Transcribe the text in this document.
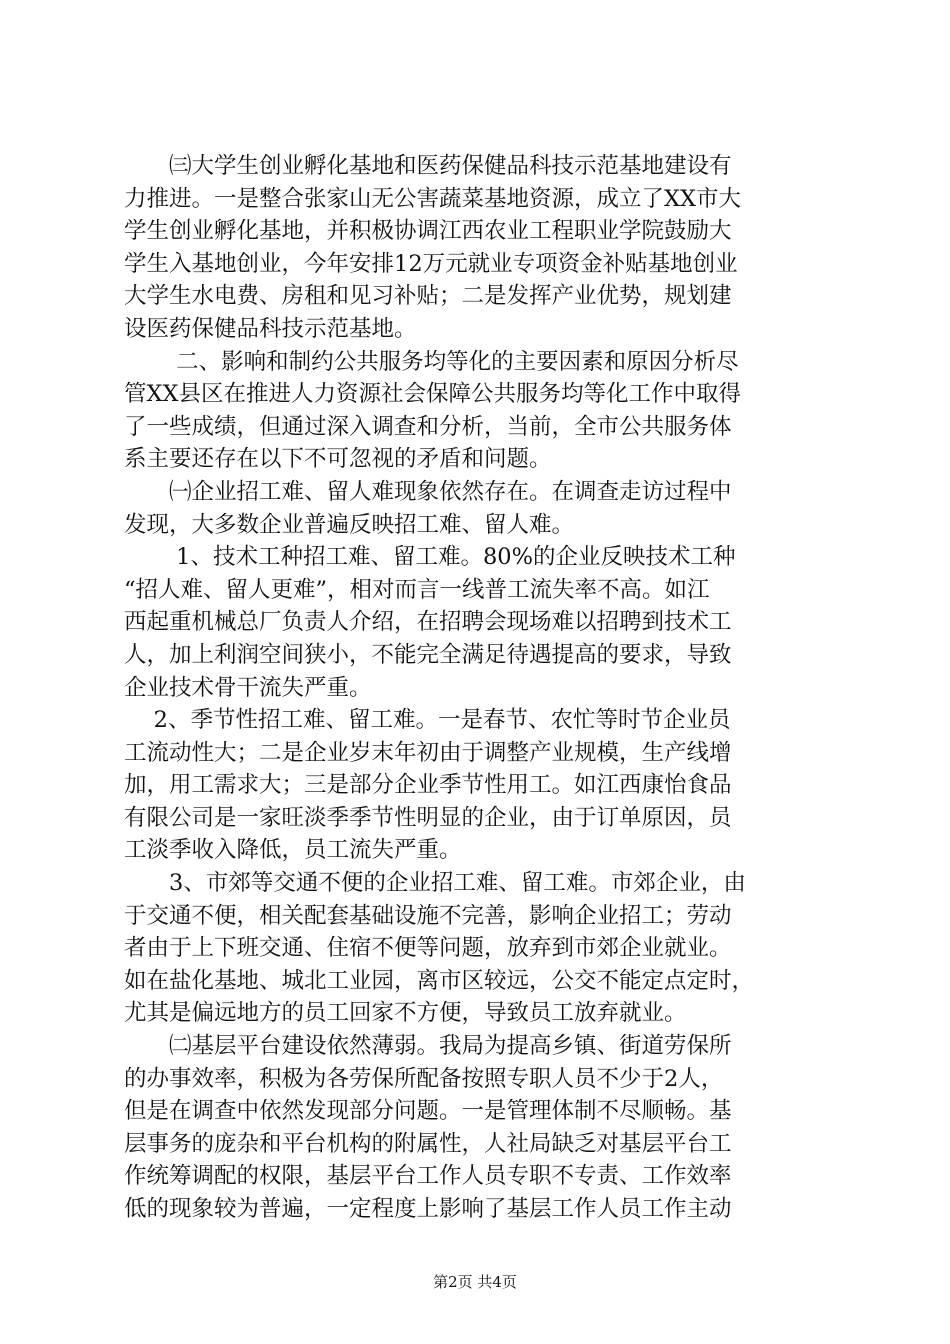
　　㈢大学生创业孵化基地和医药保健品科技示范基地建设有
力推进。一是整合张家山无公害蔬菜基地资源，成立了XX市大
学生创业孵化基地，并积极协调江西农业工程职业学院鼓励大
学生入基地创业，今年安排12万元就业专项资金补贴基地创业
大学生水电费、房租和见习补贴；二是发挥产业优势，规划建
设医药保健品科技示范基地。
　　 二、影响和制约公共服务均等化的主要因素和原因分析尽
管XX县区在推进人力资源社会保障公共服务均等化工作中取得
了一些成绩，但通过深入调查和分析，当前，全市公共服务体
系主要还存在以下不可忽视的矛盾和问题。
　　㈠企业招工难、留人难现象依然存在。在调查走访过程中
发现，大多数企业普遍反映招工难、留人难。
　　 1、技术工种招工难、留工难。80%的企业反映技术工种
“招人难、留人更难”，相对而言一线普工流失率不高。如江
西起重机械总厂负责人介绍，在招聘会现场难以招聘到技术工
人，加上利润空间狭小，不能完全满足待遇提高的要求，导致
企业技术骨干流失严重。
　 2、季节性招工难、留工难。一是春节、农忙等时节企业员
工流动性大；二是企业岁末年初由于调整产业规模，生产线增
加，用工需求大；三是部分企业季节性用工。如江西康怡食品
有限公司是一家旺淡季季节性明显的企业，由于订单原因，员
工淡季收入降低，员工流失严重。
　　3、市郊等交通不便的企业招工难、留工难。市郊企业，由
于交通不便，相关配套基础设施不完善，影响企业招工；劳动
者由于上下班交通、住宿不便等问题，放弃到市郊企业就业。
如在盐化基地、城北工业园，离市区较远，公交不能定点定时，
尤其是偏远地方的员工回家不方便，导致员工放弃就业。
　　㈡基层平台建设依然薄弱。我局为提高乡镇、街道劳保所
的办事效率，积极为各劳保所配备按照专职人员不少于2人，
但是在调查中依然发现部分问题。一是管理体制不尽顺畅。基
层事务的庞杂和平台机构的附属性，人社局缺乏对基层平台工
作统筹调配的权限，基层平台工作人员专职不专责、工作效率
低的现象较为普遍，一定程度上影响了基层工作人员工作主动
第2页 共4页
